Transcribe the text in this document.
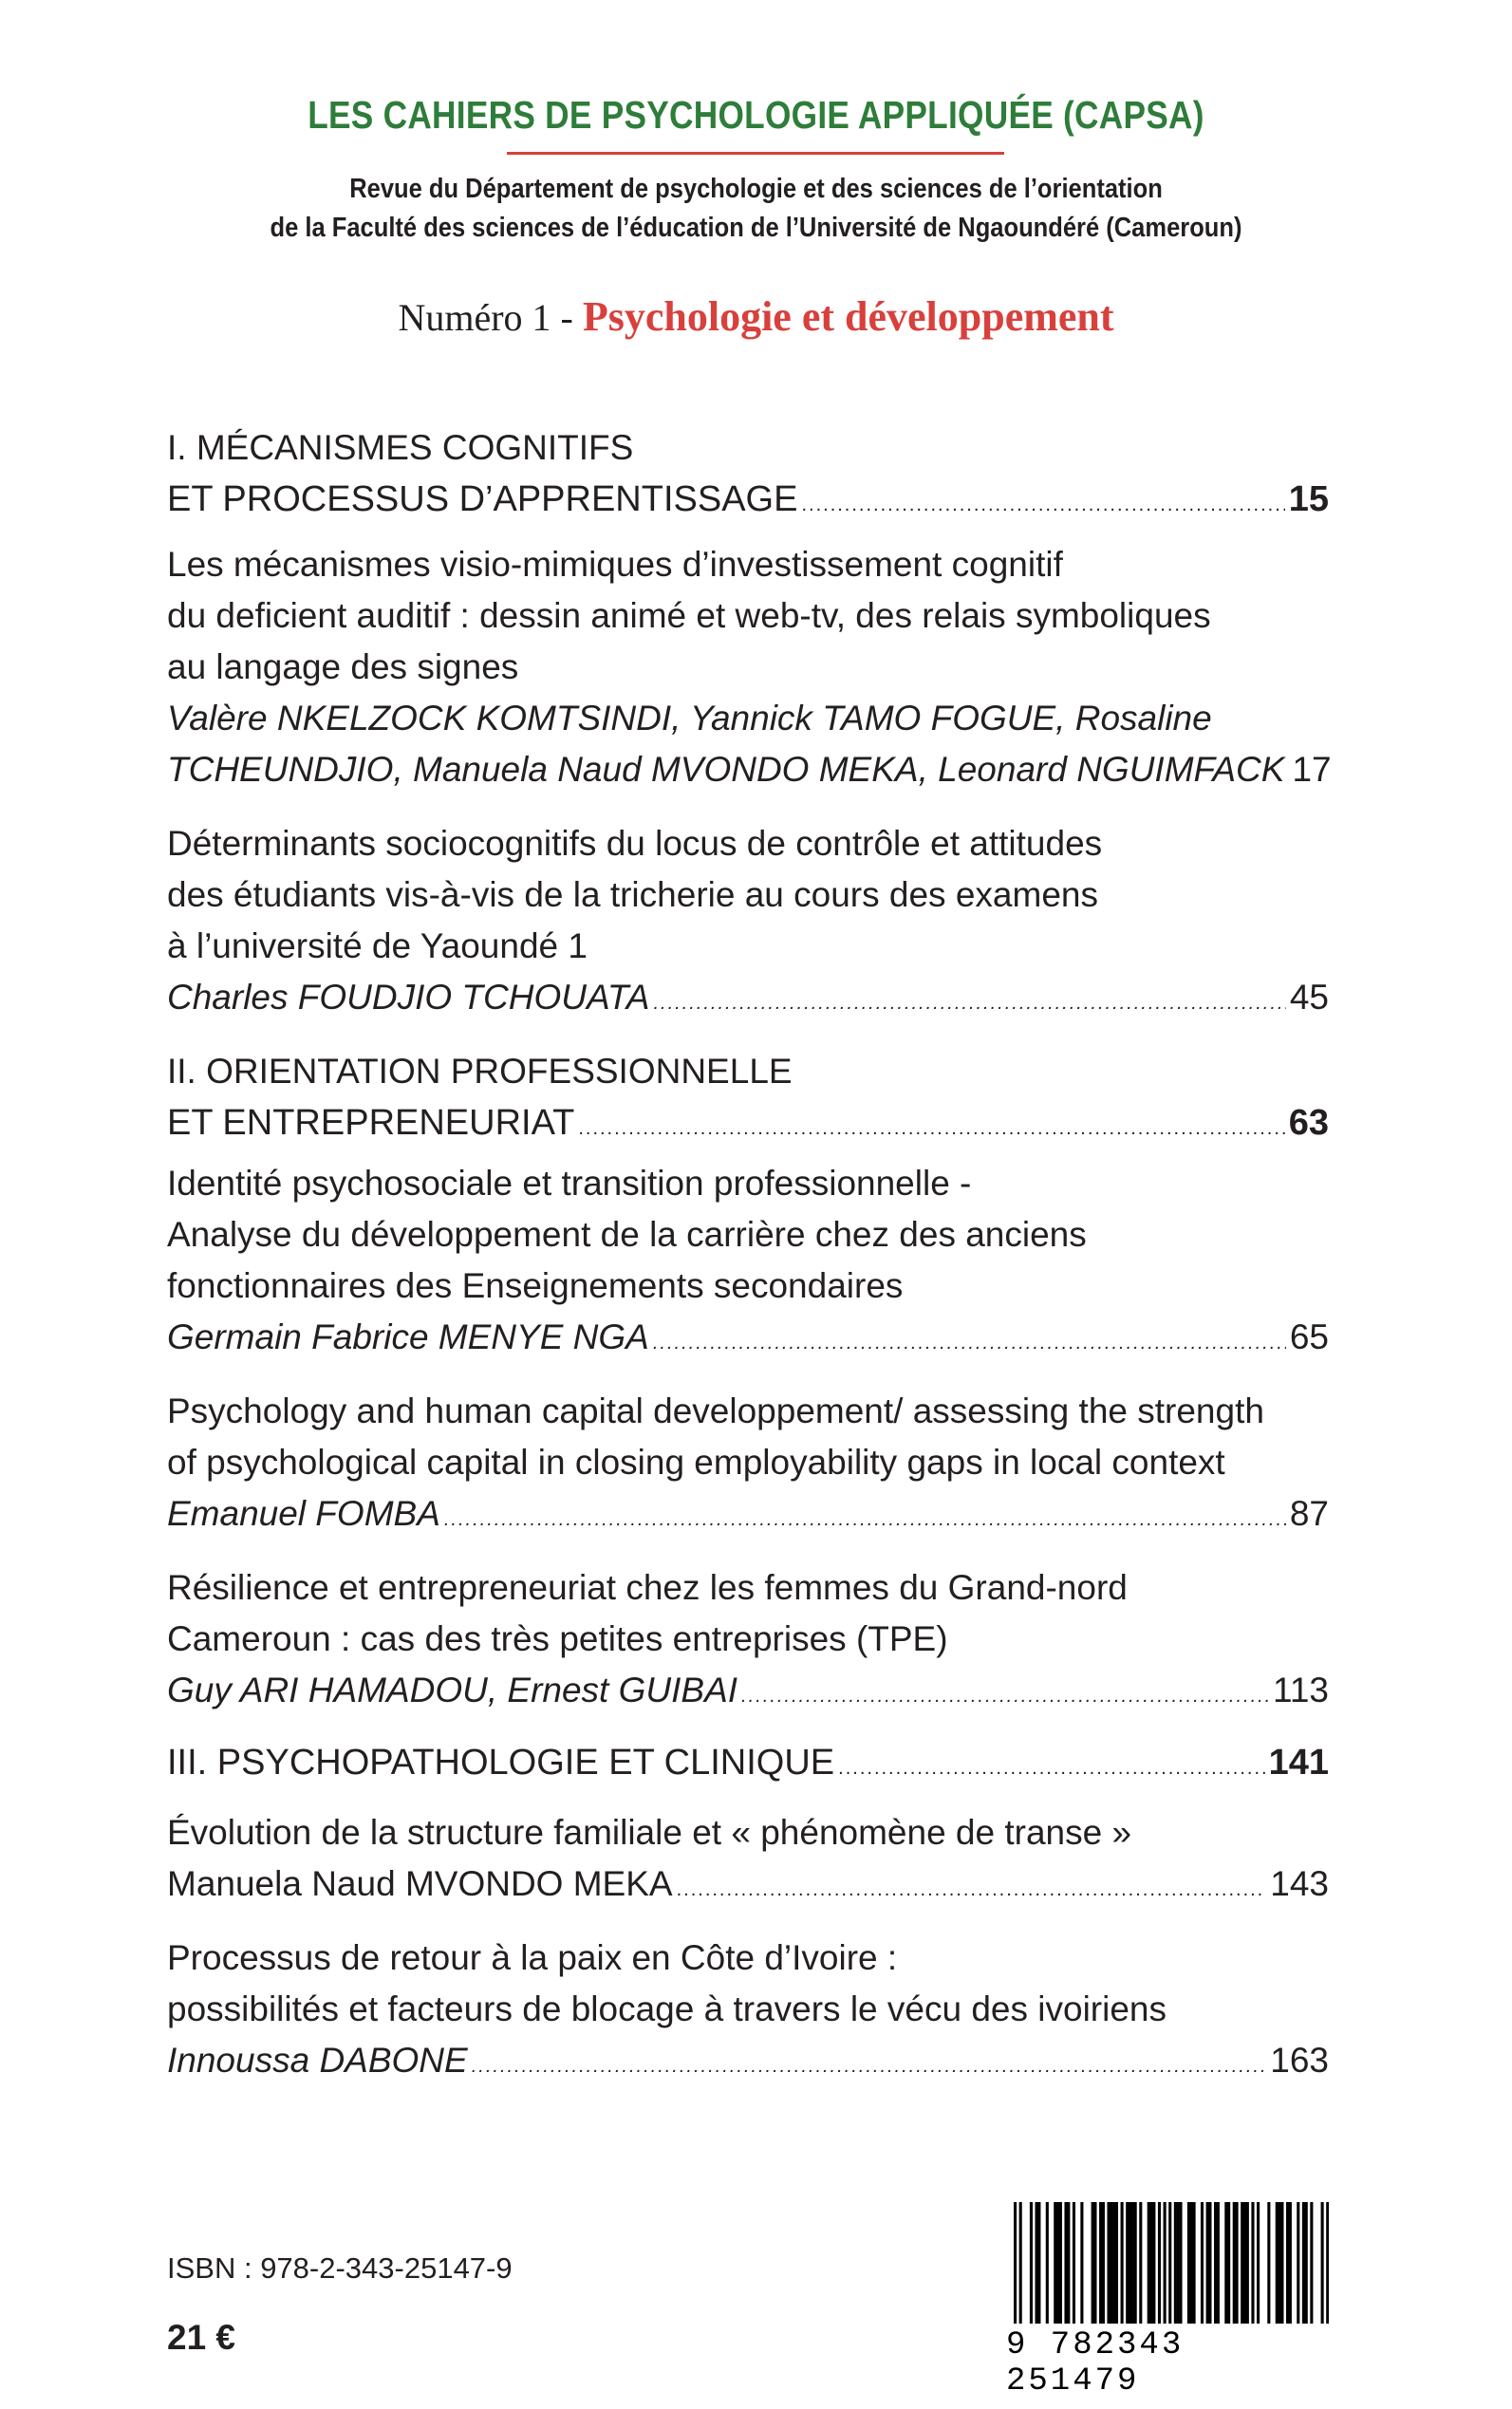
LES CAHIERS DE PSYCHOLOGIE APPLIQUÉE (CAPSA)
Revue du Département de psychologie et des sciences de l’orientation
de la Faculté des sciences de l’éducation de l’Université de Ngaoundéré (Cameroun)
Numéro 1 - Psychologie et développement
I. MÉCANISMES COGNITIFS
ET PROCESSUS D’APPRENTISSAGE .....	15
Les mécanismes visio-mimiques d’investissement cognitif
du deficient auditif : dessin animé et web-tv, des relais symboliques
au langage des signes
Valère NKELZOCK KOMTSINDI, Yannick TAMO FOGUE, Rosaline
TCHEUNDJIO, Manuela Naud MVONDO MEKA, Leonard NGUIMFACK 17
Déterminants sociocognitifs du locus de contrôle et attitudes
des étudiants vis-à-vis de la tricherie au cours des examens
à l’université de Yaoundé 1
Charles FOUDJIO TCHOUATA .....	45
II. ORIENTATION PROFESSIONNELLE
ET ENTREPRENEURIAT .....	63
Identité psychosociale et transition professionnelle -
Analyse du développement de la carrière chez des anciens
fonctionnaires des Enseignements secondaires
Germain Fabrice MENYE NGA .....	65
Psychology and human capital developpement/ assessing the strength
of psychological capital in closing employability gaps in local context
Emanuel FOMBA .....	87
Résilience et entrepreneuriat chez les femmes du Grand-nord
Cameroun : cas des très petites entreprises (TPE)
Guy ARI HAMADOU, Ernest GUIBAI .....	113
III. PSYCHOPATHOLOGIE ET CLINIQUE .....	141
Évolution de la structure familiale et « phénomène de transe »
Manuela Naud MVONDO MEKA .....	143
Processus de retour à la paix en Côte d’Ivoire :
possibilités et facteurs de blocage à travers le vécu des ivoiriens
Innoussa DABONE .....	163
ISBN : 978-2-343-25147-9
21 €	9 782343 251479
